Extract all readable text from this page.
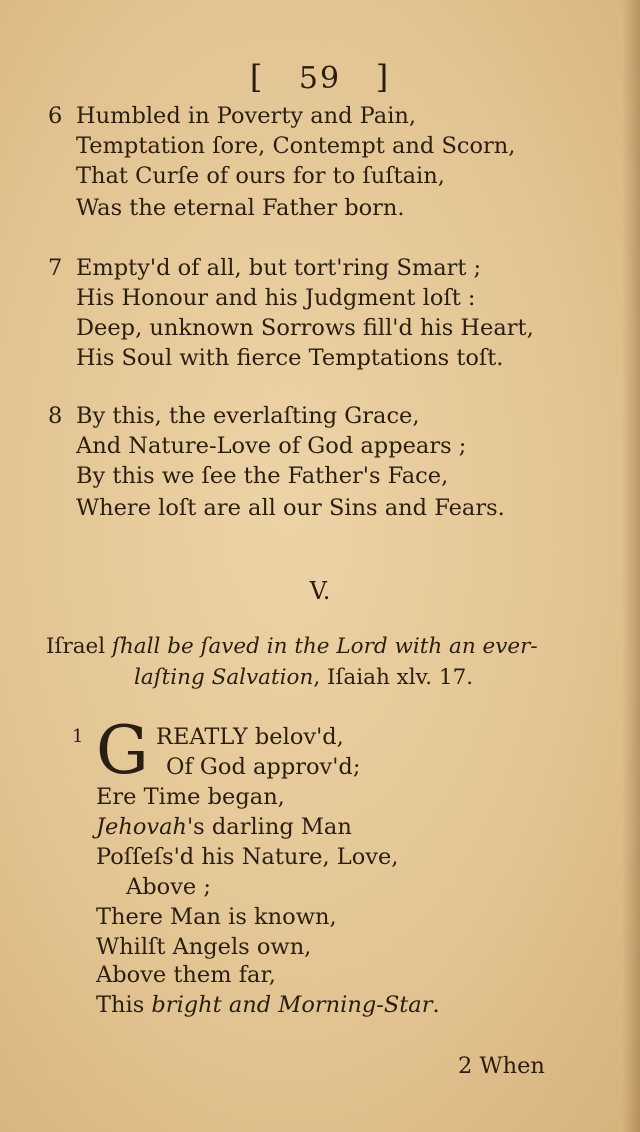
[ 59 ]
6 Humbled in Poverty and Pain,
Temptation ſore, Contempt and Scorn,
That Curſe of ours for to ſuſtain,
Was the eternal Father born.
7 Empty'd of all, but tort'ring Smart ;
His Honour and his Judgment loſt :
Deep, unknown Sorrows fill'd his Heart,
His Soul with fierce Temptations toſt.
8 By this, the everlaſting Grace,
And Nature-Love of God appears ;
By this we ſee the Father's Face,
Where loſt are all our Sins and Fears.
V.
Iſrael ſhall be ſaved in the Lord with an ever-
laſting Salvation, Iſaiah xlv. 17.
1 G REATLY belov'd,
Of God approv'd;
Ere Time began,
Jehovah's darling Man
Poſſeſs'd his Nature, Love,
Above ;
There Man is known,
Whilſt Angels own,
Above them far,
This bright and Morning-Star.
2 When
